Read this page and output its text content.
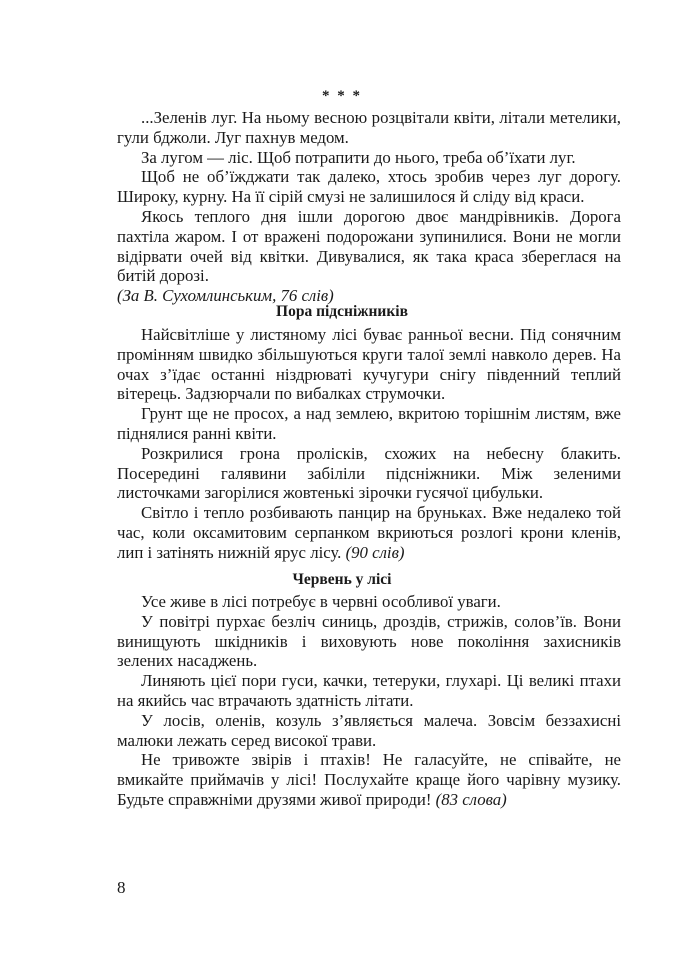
* * *

...Зеленів луг. На ньому весною розцвітали квіти, літали метелики, гули бджоли. Луг пахнув медом.

За лугом — ліс. Щоб потрапити до нього, треба об’їхати луг.

Щоб не об’їжджати так далеко, хтось зробив через луг дорогу. Широку, курну. На її сірій смузі не залишилося й сліду від краси.

Якось теплого дня ішли дорогою двоє мандрівників. Дорога пахтіла жаром. І от вражені подорожани зупинилися. Вони не могли відірвати очей від квітки. Дивувалися, як така краса збереглася на битій дорозі.
(За В. Сухомлинським, 76 слів)

Пора підсніжників

Найсвітліше у листяному лісі буває ранньої весни. Під сонячним промінням швидко збільшуються круги талої землі навколо дерев. На очах з’їдає останні ніздрюваті кучугури снігу південний теплий вітерець. Задзюрчали по вибалках струмочки.

Грунт ще не просох, а над землею, вкритою торішнім листям, вже піднялися ранні квіти.

Розкрилися грона пролісків, схожих на небесну блакить. Посередині галявини забіліли підсніжники. Між зеленими листочками загорілися жовтенькі зірочки гусячої цибульки.

Світло і тепло розбивають панцир на бруньках. Вже недалеко той час, коли оксамитовим серпанком вкриються розлогі крони кленів, лип і затінять нижній ярус лісу. (90 слів)

Червень у лісі

Усе живе в лісі потребує в червні особливої уваги.

У повітрі пурхає безліч синиць, дроздів, стрижів, солов’їв. Вони винищують шкідників і виховують нове покоління захисників зелених насаджень.

Линяють цієї пори гуси, качки, тетеруки, глухарі. Ці великі птахи на якийсь час втрачають здатність літати.

У лосів, оленів, козуль з’являється малеча. Зовсім беззахисні малюки лежать серед високої трави.

Не тривожте звірів і птахів! Не галасуйте, не співайте, не вмикайте приймачів у лісі! Послухайте краще його чарівну музику. Будьте справжніми друзями живої природи! (83 слова)

8
